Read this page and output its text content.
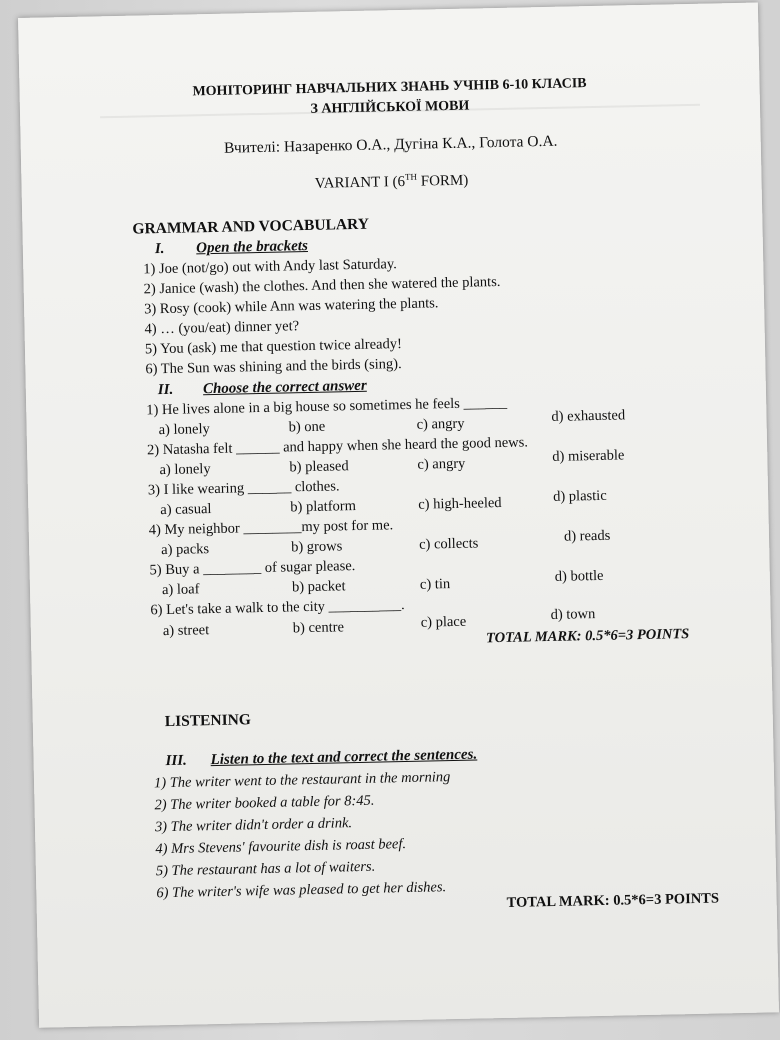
МОНІТОРИНГ НАВЧАЛЬНИХ ЗНАНЬ УЧНІВ 6-10 КЛАСІВ
З АНГЛІЙСЬКОЇ МОВИ
Вчителі: Назаренко О.А., Дугіна К.А., Голота О.А.
VARIANT I (6TH FORM)
GRAMMAR AND VOCABULARY
I. Open the brackets
1) Joe (not/go) out with Andy last Saturday.
2) Janice (wash) the clothes. And then she watered the plants.
3) Rosy (cook) while Ann was watering the plants.
4) … (you/eat) dinner yet?
5) You (ask) me that question twice already!
6) The Sun was shining and the birds (sing).
II. Choose the correct answer
1) He lives alone in a big house so sometimes he feels ______
a) lonely	b) one	c) angry	d) exhausted
2) Natasha felt ______ and happy when she heard the good news.
a) lonely	b) pleased	c) angry	d) miserable
3) I like wearing ______ clothes.
a) casual	b) platform	c) high-heeled	d) plastic
4) My neighbor ________my post for me.
a) packs	b) grows	c) collects	d) reads
5) Buy a ________ of sugar please.
a) loaf	b) packet	c) tin	d) bottle
6) Let's take a walk to the city __________.
a) street	b) centre	c) place	d) town
TOTAL MARK: 0.5*6=3 POINTS
LISTENING
III. Listen to the text and correct the sentences.
1) The writer went to the restaurant in the morning
2) The writer booked a table for 8:45.
3) The writer didn't order a drink.
4) Mrs Stevens' favourite dish is roast beef.
5) The restaurant has a lot of waiters.
6) The writer's wife was pleased to get her dishes.	TOTAL MARK: 0.5*6=3 POINTS
